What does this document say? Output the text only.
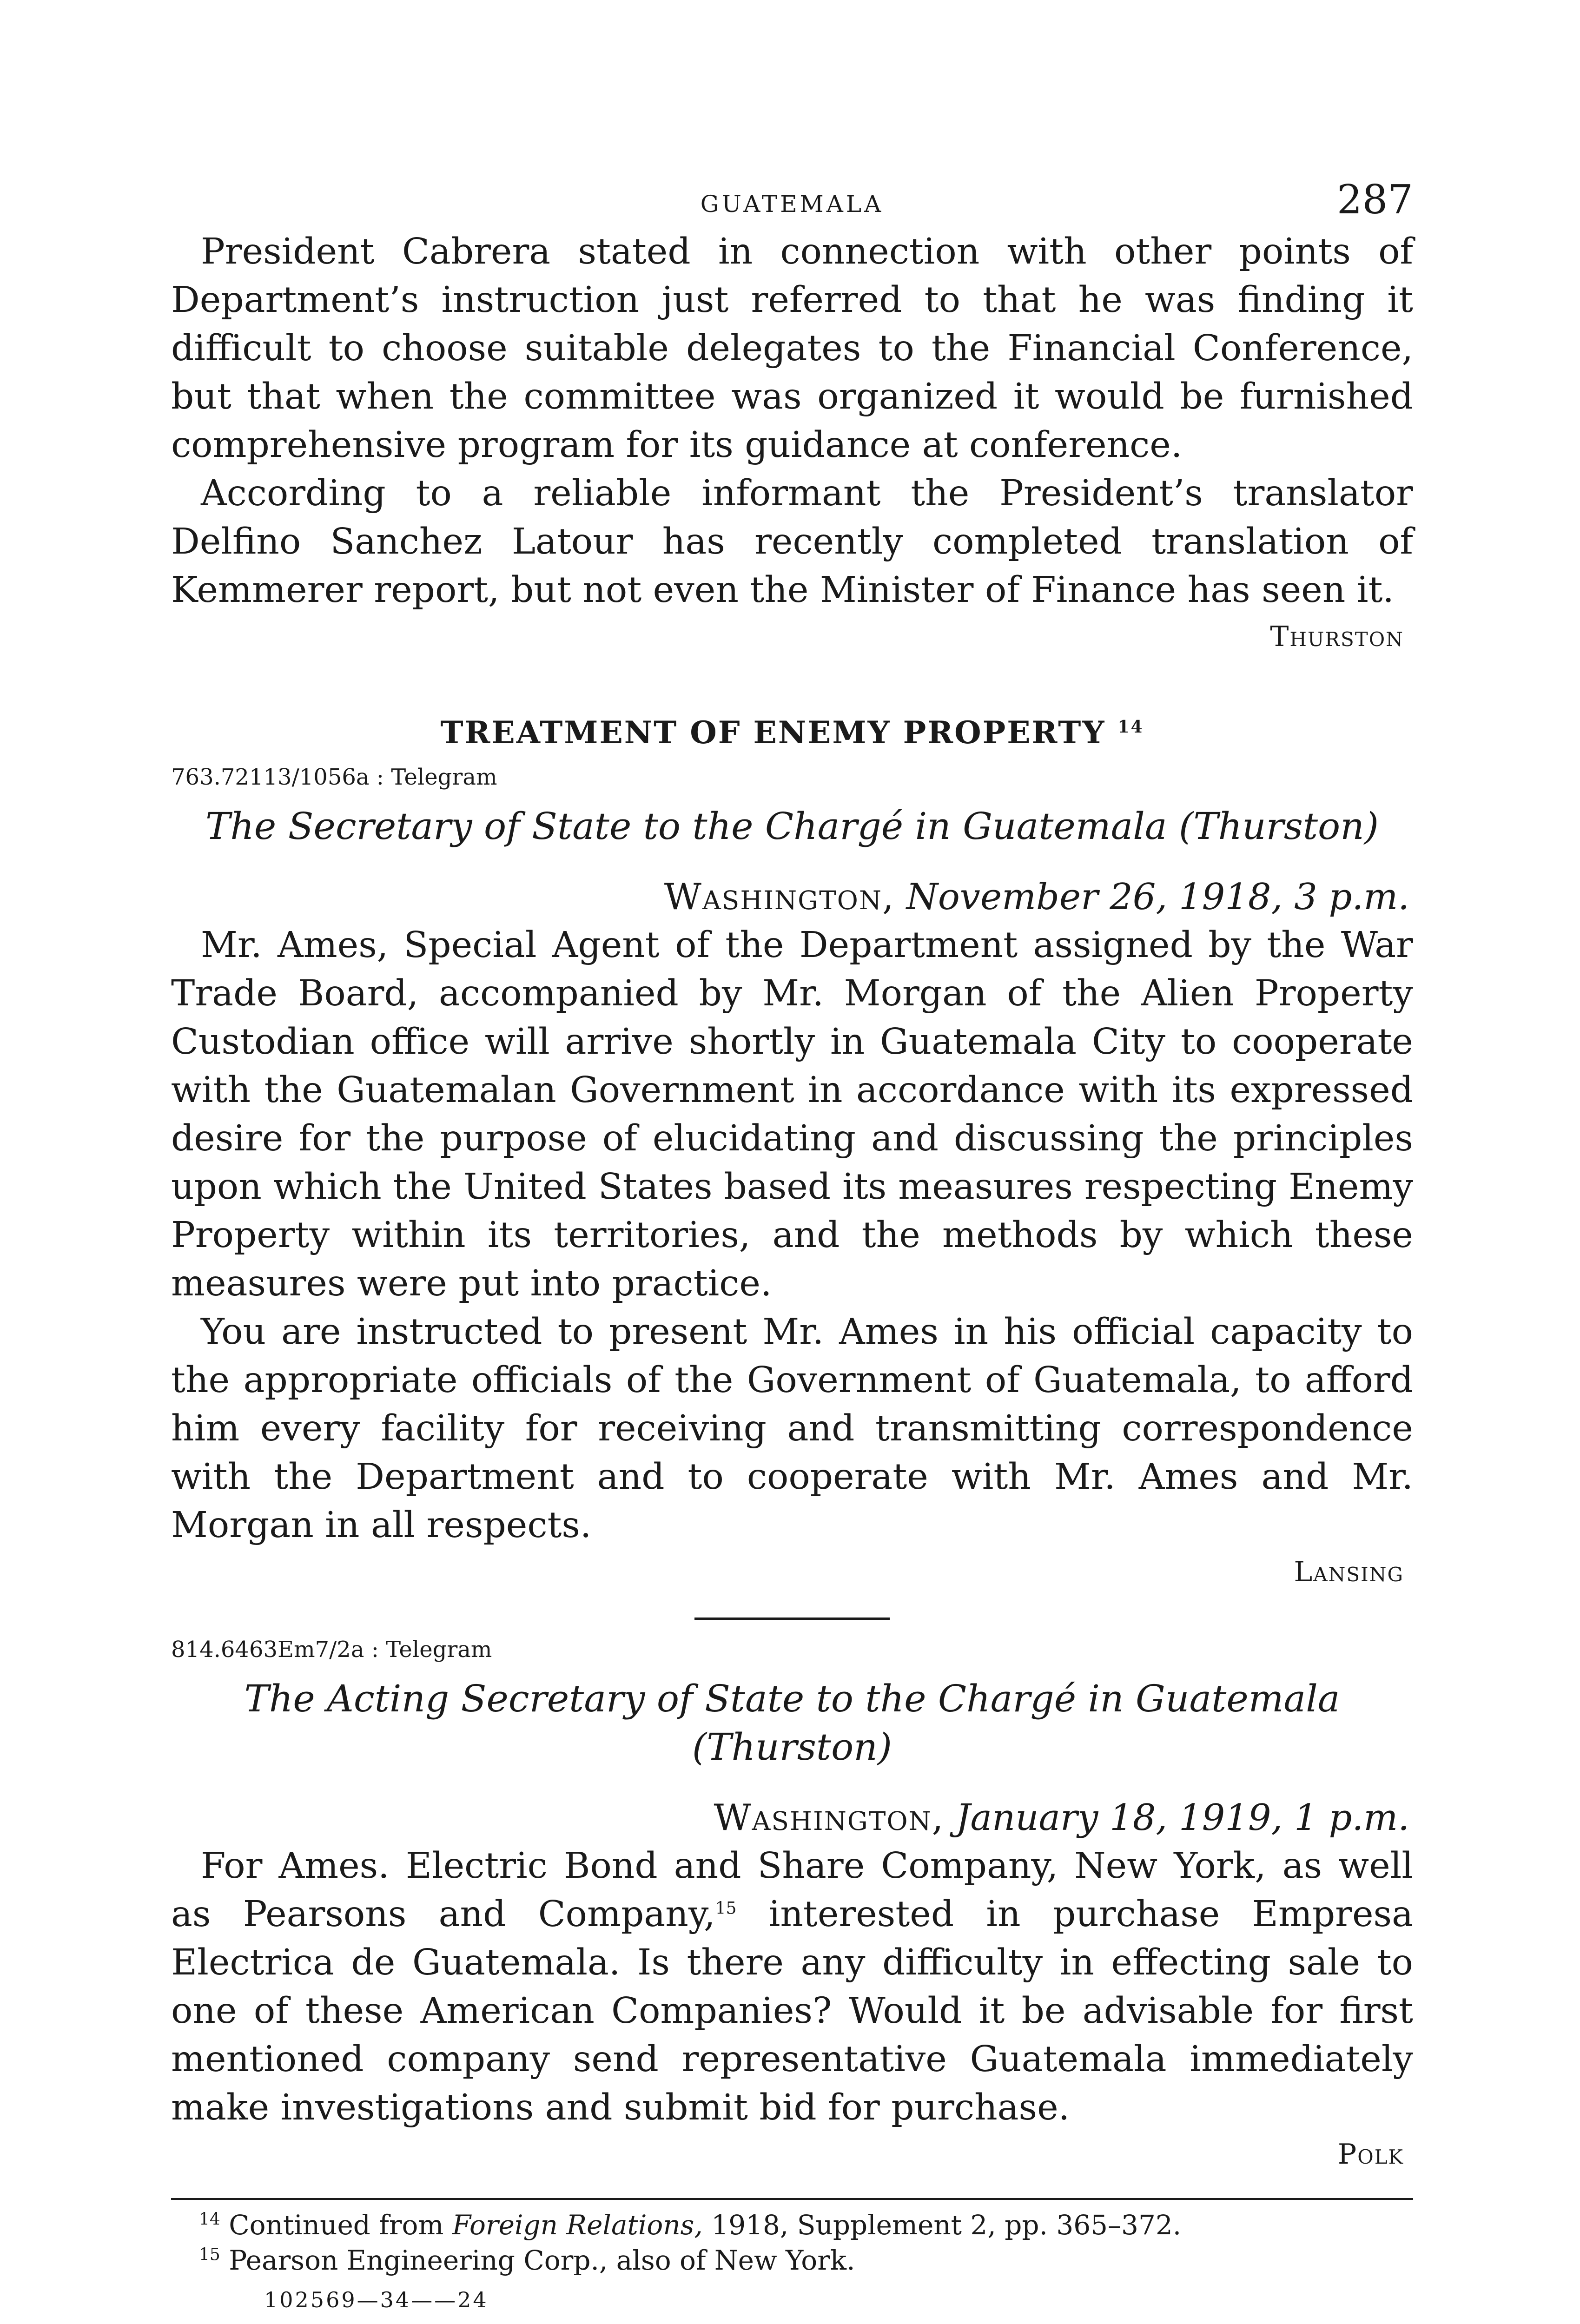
GUATEMALA	287

President Cabrera stated in connection with other points of Department’s instruction just referred to that he was finding it difficult to choose suitable delegates to the Financial Conference, but that when the committee was organized it would be furnished comprehensive program for its guidance at conference.

According to a reliable informant the President’s translator Delfino Sanchez Latour has recently completed translation of Kemmerer report, but not even the Minister of Finance has seen it.

Thurston
TREATMENT OF ENEMY PROPERTY $^{14}$
763.72113/1056a : Telegram
The Secretary of State to the Chargé in Guatemala (Thurston)
Washington, November 26, 1918, 3 p.m.

Mr. Ames, Special Agent of the Department assigned by the War Trade Board, accompanied by Mr. Morgan of the Alien Property Custodian office will arrive shortly in Guatemala City to cooperate with the Guatemalan Government in accordance with its expressed desire for the purpose of elucidating and discussing the principles upon which the United States based its measures respecting Enemy Property within its territories, and the methods by which these measures were put into practice.

You are instructed to present Mr. Ames in his official capacity to the appropriate officials of the Government of Guatemala, to afford him every facility for receiving and transmitting correspondence with the Department and to cooperate with Mr. Ames and Mr. Morgan in all respects.

Lansing
814.6463Em7/2a : Telegram
The Acting Secretary of State to the Chargé in Guatemala (Thurston)
Washington, January 18, 1919, 1 p.m.

For Ames. Electric Bond and Share Company, New York, as well as Pearsons and Company,$^{15}$ interested in purchase Empresa Electrica de Guatemala. Is there any difficulty in effecting sale to one of these American Companies? Would it be advisable for first mentioned company send representative Guatemala immediately make investigations and submit bid for purchase.

Polk
$^{14}$ Continued from Foreign Relations, 1918, Supplement 2, pp. 365–372.
$^{15}$ Pearson Engineering Corp., also of New York.
102569—34——24
